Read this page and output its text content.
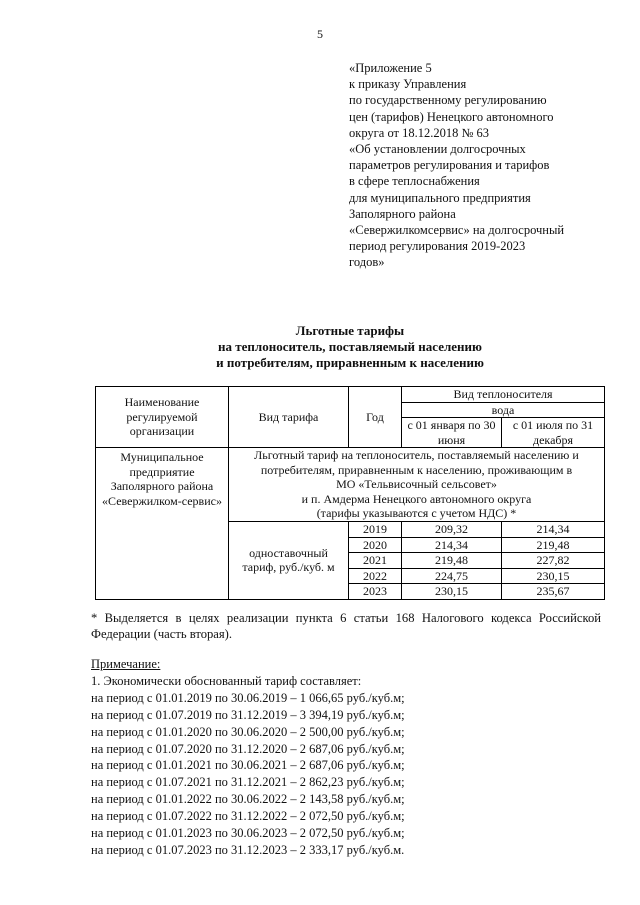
5
«Приложение 5
к приказу Управления
по государственному регулированию
цен (тарифов) Ненецкого автономного
округа от 18.12.2018 № 63
«Об установлении долгосрочных
параметров регулирования и тарифов
в сфере теплоснабжения
для муниципального предприятия
Заполярного района
«Севержилкомсервис» на долгосрочный
период регулирования 2019-2023
годов»
Льготные тарифы
на теплоноситель, поставляемый населению
и потребителям, приравненным к населению
Наименование регулируемой организации	Вид тарифа	Год	Вид теплоносителя	
			вода	
			с 01 января по 30 июня	с 01 июля по 31 декабря
Муниципальное предприятие Заполярного района «Севержилком-сервис»	Льготный тариф на теплоноситель, поставляемый населению и
потребителям, приравненным к населению, проживающим в
МО «Тельвисочный сельсовет»
и п. Амдерма Ненецкого автономного округа
(тарифы указываются с учетом НДС) *			

	одноставочный тариф, руб./куб. м	2019	209,32	214,34
		2020	214,34	219,48
		2021	219,48	227,82
		2022	224,75	230,15
		2023	230,15	235,67
* Выделяется в целях реализации пункта 6 статьи 168 Налогового кодекса Российской Федерации (часть вторая).
Примечание:
1. Экономически обоснованный тариф составляет:
на период с 01.01.2019 по 30.06.2019 – 1 066,65 руб./куб.м;
на период с 01.07.2019 по 31.12.2019 – 3 394,19 руб./куб.м;
на период с 01.01.2020 по 30.06.2020 – 2 500,00 руб./куб.м;
на период с 01.07.2020 по 31.12.2020 – 2 687,06 руб./куб.м;
на период с 01.01.2021 по 30.06.2021 – 2 687,06 руб./куб.м;
на период с 01.07.2021 по 31.12.2021 – 2 862,23 руб./куб.м;
на период с 01.01.2022 по 30.06.2022 – 2 143,58 руб./куб.м;
на период с 01.07.2022 по 31.12.2022 – 2 072,50 руб./куб.м;
на период с 01.01.2023 по 30.06.2023 – 2 072,50 руб./куб.м;
на период с 01.07.2023 по 31.12.2023 – 2 333,17 руб./куб.м.
